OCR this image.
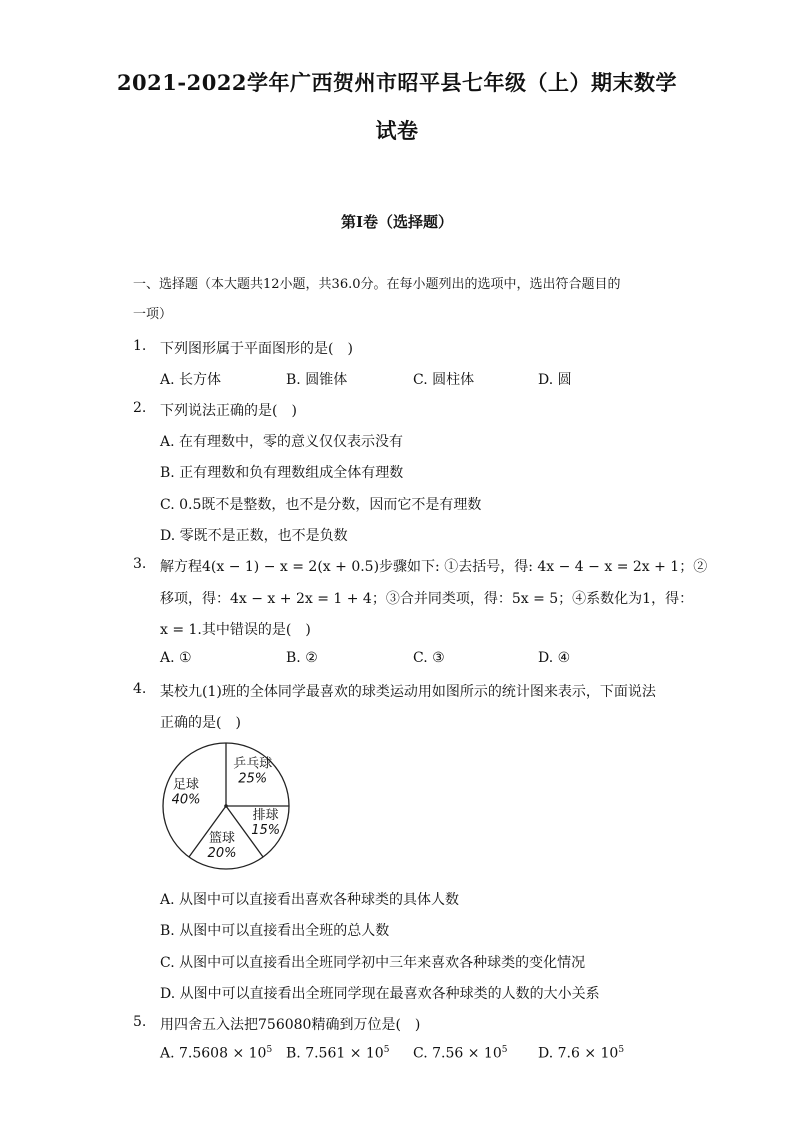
2021-2022学年广西贺州市昭平县七年级（上）期末数学
试卷
第I卷（选择题）
一、选择题（本大题共12小题，共36.0分。在每小题列出的选项中，选出符合题目的
一项）
1. 下列图形属于平面图形的是(　)
A. 长方体	B. 圆锥体	C. 圆柱体	D. 圆
2. 下列说法正确的是(　)
A. 在有理数中，零的意义仅仅表示没有
B. 正有理数和负有理数组成全体有理数
C. 0.5既不是整数，也不是分数，因而它不是有理数
D. 零既不是正数，也不是负数
3. 解方程4(x − 1) − x = 2(x + 0.5)步骤如下: ①去括号，得: 4x − 4 − x = 2x + 1；②
移项，得：4x − x + 2x = 1 + 4；③合并同类项，得：5x = 5；④系数化为1，得：
x = 1.其中错误的是(　)
A. ①	B. ②	C. ③	D. ④
4. 某校九(1)班的全体同学最喜欢的球类运动用如图所示的统计图来表示，下面说法
正确的是(　)
乒乓球
25%
排球
15%
篮球
20%
足球
40%
A. 从图中可以直接看出喜欢各种球类的具体人数
B. 从图中可以直接看出全班的总人数
C. 从图中可以直接看出全班同学初中三年来喜欢各种球类的变化情况
D. 从图中可以直接看出全班同学现在最喜欢各种球类的人数的大小关系
5. 用四舍五入法把756080精确到万位是(　)
A. $7.5608 \times 10^5$ B. $7.561 \times 10^5$ C. $7.56 \times 10^5$ D. $7.6 \times 10^5$
